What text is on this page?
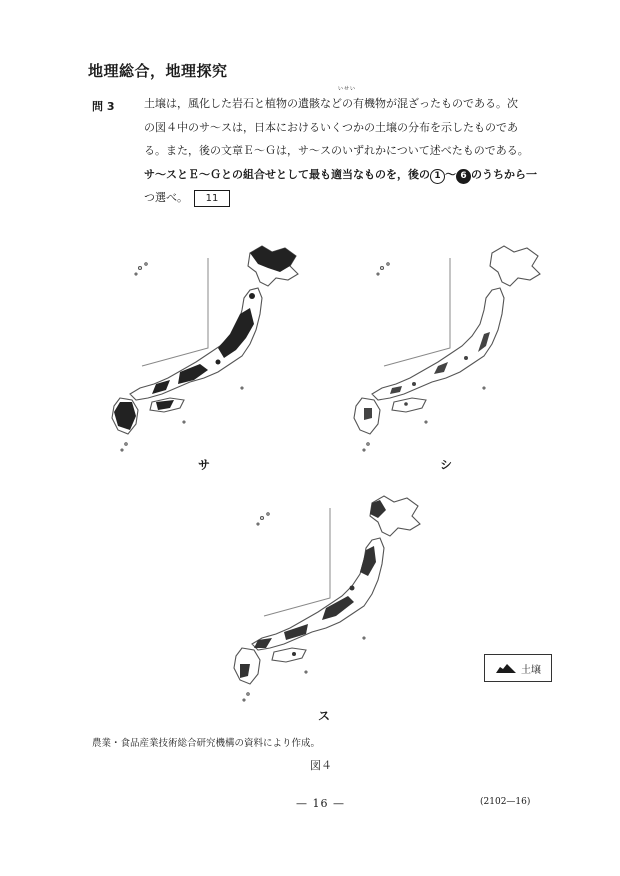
地理総合，地理探究
問 3
いせい
土壌は，風化した岩石と植物の遺骸などの有機物が混ざったものである。次
の図４中のサ～スは，日本におけるいくつかの土壌の分布を示したものであ
る。また，後の文章Ｅ～Ｇは，サ～スのいずれかについて述べたものである。
サ～スとＥ～Ｇとの組合せとして最も適当なものを，後の 1 ～ 6 のうちから一
つ選べ。 11
サ	シ
ス
土壌
農業・食品産業技術総合研究機構の資料により作成。
図４
— 16 —	(2102—16)
